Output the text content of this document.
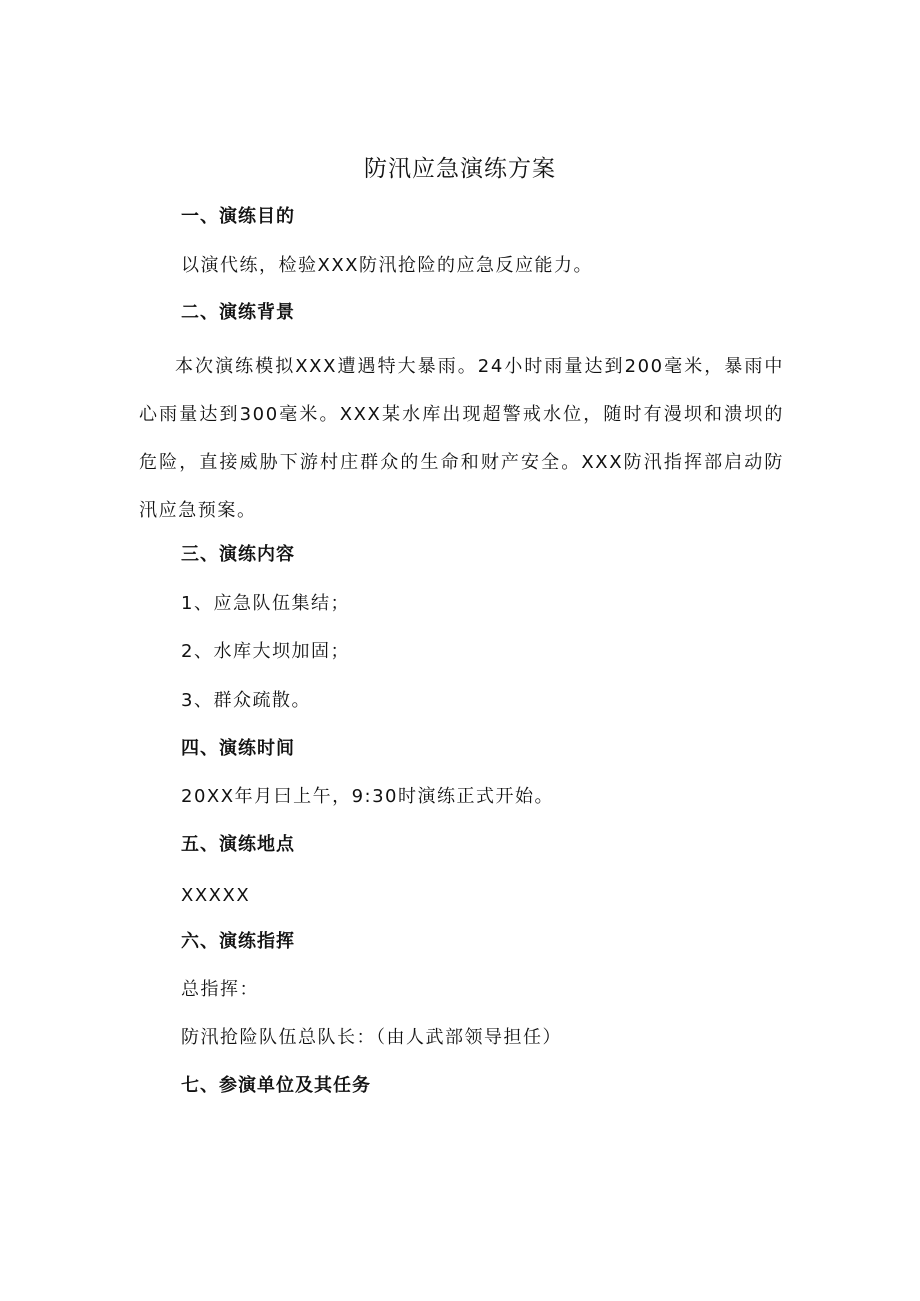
防汛应急演练方案
一、演练目的
以演代练，检验XXX防汛抢险的应急反应能力。
二、演练背景
本次演练模拟XXX遭遇特大暴雨。24小时雨量达到200毫米，暴雨中心雨量达到300毫米。XXX某水库出现超警戒水位，随时有漫坝和溃坝的危险，直接威胁下游村庄群众的生命和财产安全。XXX防汛指挥部启动防汛应急预案。
三、演练内容
1、应急队伍集结；
2、水库大坝加固；
3、群众疏散。
四、演练时间
20XX年月曰上午，9:30时演练正式开始。
五、演练地点
XXXXX
六、演练指挥
总指挥：
防汛抢险队伍总队长：（由人武部领导担任）
七、参演单位及其任务
